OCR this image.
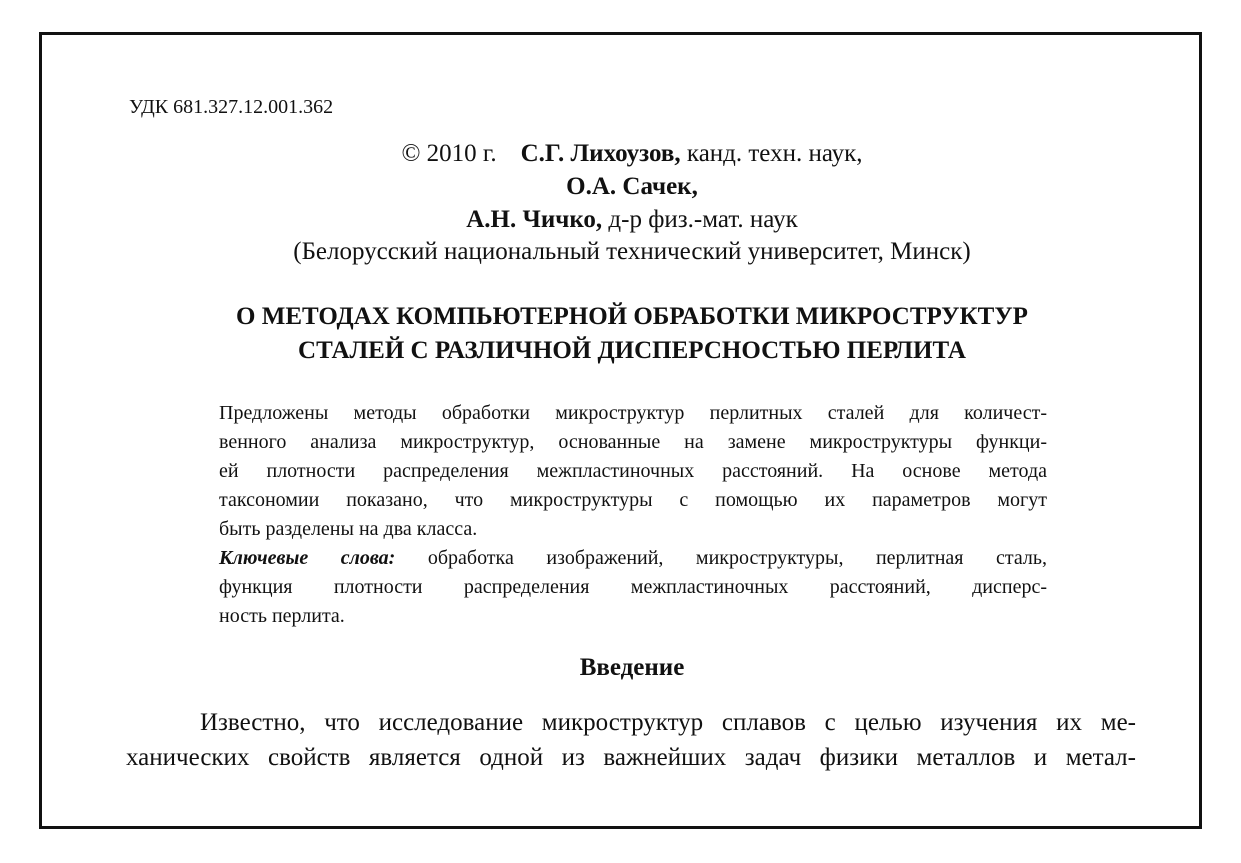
УДК 681.327.12.001.362
© 2010 г. С.Г. Лихоузов, канд. техн. наук,
О.А. Сачек,
А.Н. Чичко, д-р физ.-мат. наук
(Белорусский национальный технический университет, Минск)
О МЕТОДАХ КОМПЬЮТЕРНОЙ ОБРАБОТКИ МИКРОСТРУКТУР
СТАЛЕЙ С РАЗЛИЧНОЙ ДИСПЕРСНОСТЬЮ ПЕРЛИТА
Предложены методы обработки микроструктур перлитных сталей для количест-
венного анализа микроструктур, основанные на замене микроструктуры функци-
ей плотности распределения межпластиночных расстояний. На основе метода
таксономии показано, что микроструктуры с помощью их параметров могут
быть разделены на два класса.
Ключевые слова: обработка изображений, микроструктуры, перлитная сталь,
функция плотности распределения межпластиночных расстояний, дисперс-
ность перлита.
Введение
Известно, что исследование микроструктур сплавов с целью изучения их ме-
ханических свойств является одной из важнейших задач физики металлов и метал-
